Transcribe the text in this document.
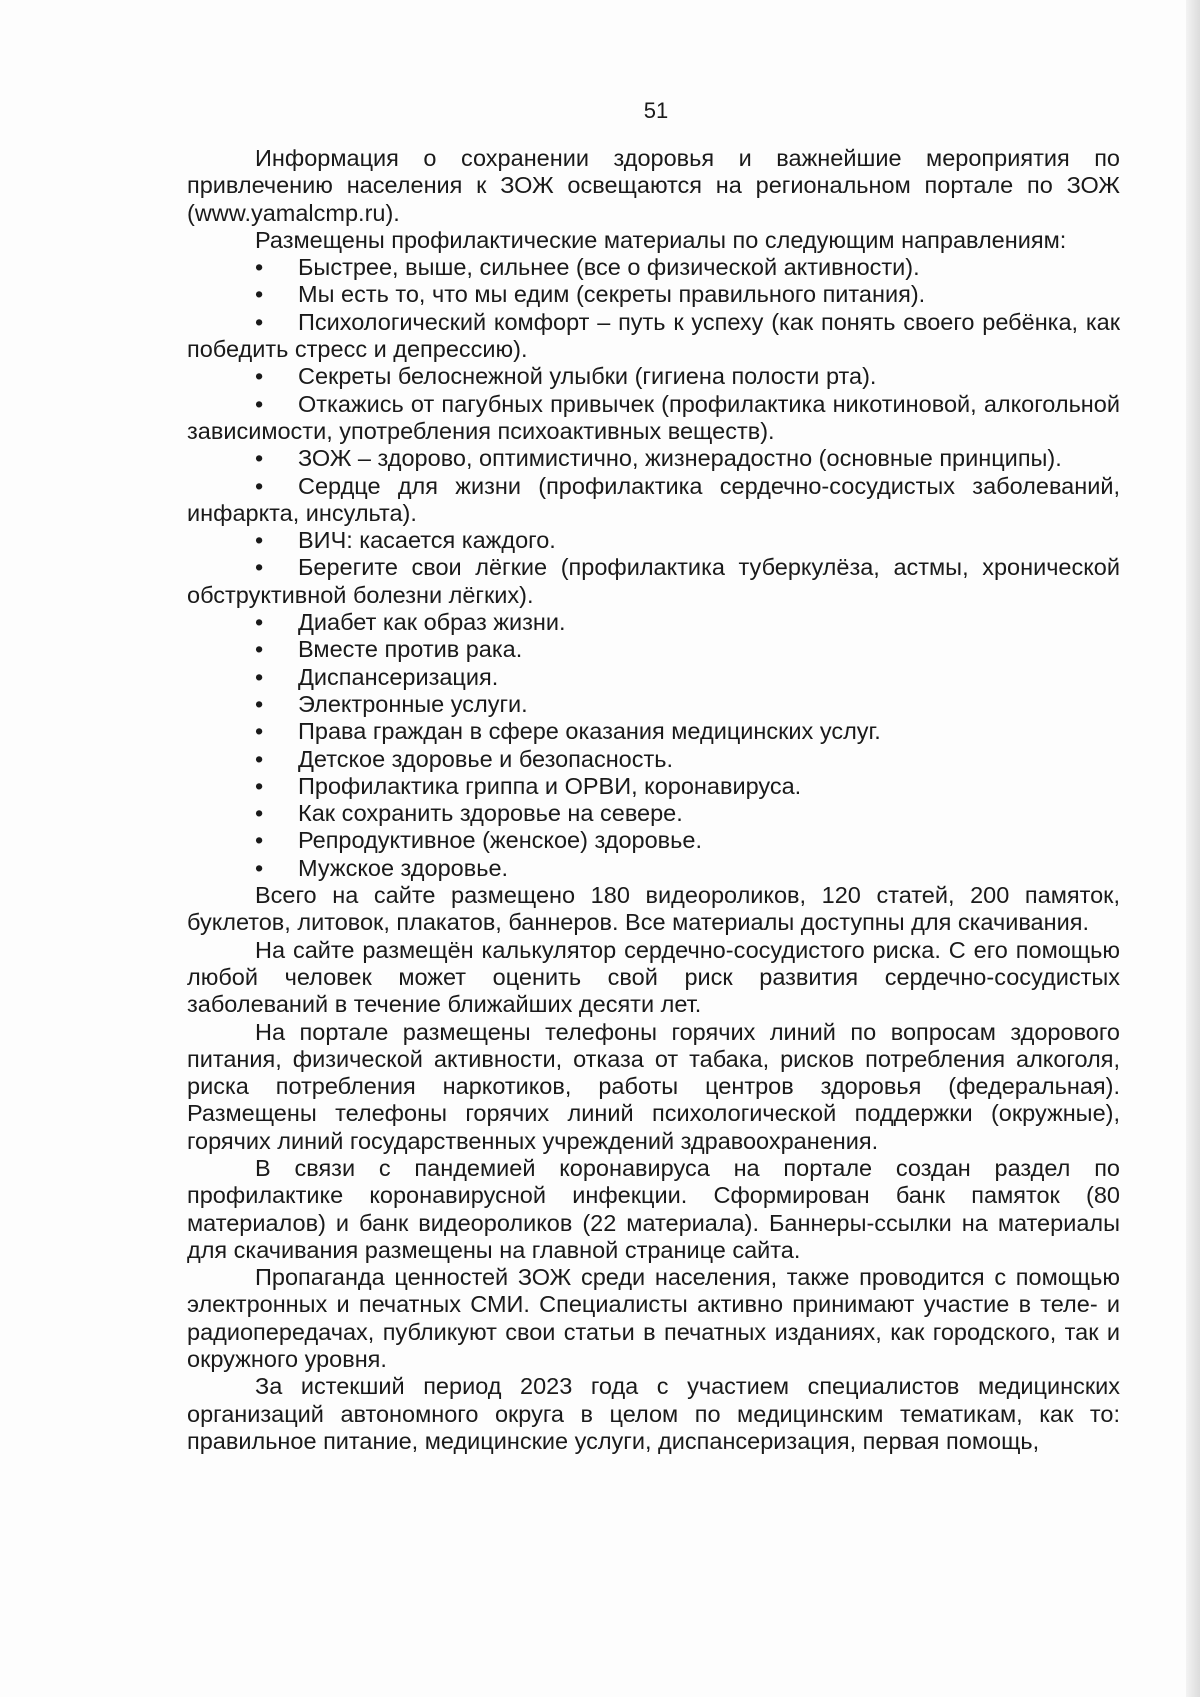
51

Информация о сохранении здоровья и важнейшие мероприятия по привлечению населения к ЗОЖ освещаются на региональном портале по ЗОЖ (www.yamalcmp.ru).

Размещены профилактические материалы по следующим направлениям:

• Быстрее, выше, сильнее (все о физической активности).

• Мы есть то, что мы едим (секреты правильного питания).

• Психологический комфорт – путь к успеху (как понять своего ребёнка, как победить стресс и депрессию).

• Секреты белоснежной улыбки (гигиена полости рта).

• Откажись от пагубных привычек (профилактика никотиновой, алкогольной зависимости, употребления психоактивных веществ).

• ЗОЖ – здорово, оптимистично, жизнерадостно (основные принципы).

• Сердце для жизни (профилактика сердечно-сосудистых заболеваний, инфаркта, инсульта).

• ВИЧ: касается каждого.

• Берегите свои лёгкие (профилактика туберкулёза, астмы, хронической обструктивной болезни лёгких).

• Диабет как образ жизни.

• Вместе против рака.

• Диспансеризация.

• Электронные услуги.

• Права граждан в сфере оказания медицинских услуг.

• Детское здоровье и безопасность.

• Профилактика гриппа и ОРВИ, коронавируса.

• Как сохранить здоровье на севере.

• Репродуктивное (женское) здоровье.

• Мужское здоровье.

Всего на сайте размещено 180 видеороликов, 120 статей, 200 памяток, буклетов, литовок, плакатов, баннеров. Все материалы доступны для скачивания.

На сайте размещён калькулятор сердечно-сосудистого риска. С его помощью любой человек может оценить свой риск развития сердечно-сосудистых заболеваний в течение ближайших десяти лет.

На портале размещены телефоны горячих линий по вопросам здорового питания, физической активности, отказа от табака, рисков потребления алкоголя, риска потребления наркотиков, работы центров здоровья (федеральная). Размещены телефоны горячих линий психологической поддержки (окружные), горячих линий государственных учреждений здравоохранения.

В связи с пандемией коронавируса на портале создан раздел по профилактике коронавирусной инфекции. Сформирован банк памяток (80 материалов) и банк видеороликов (22 материала). Баннеры-ссылки на материалы для скачивания размещены на главной странице сайта.

Пропаганда ценностей ЗОЖ среди населения, также проводится с помощью электронных и печатных СМИ. Специалисты активно принимают участие в теле- и радиопередачах, публикуют свои статьи в печатных изданиях, как городского, так и окружного уровня.

За истекший период 2023 года с участием специалистов медицинских организаций автономного округа в целом по медицинским тематикам, как то: правильное питание, медицинские услуги, диспансеризация, первая помощь,
